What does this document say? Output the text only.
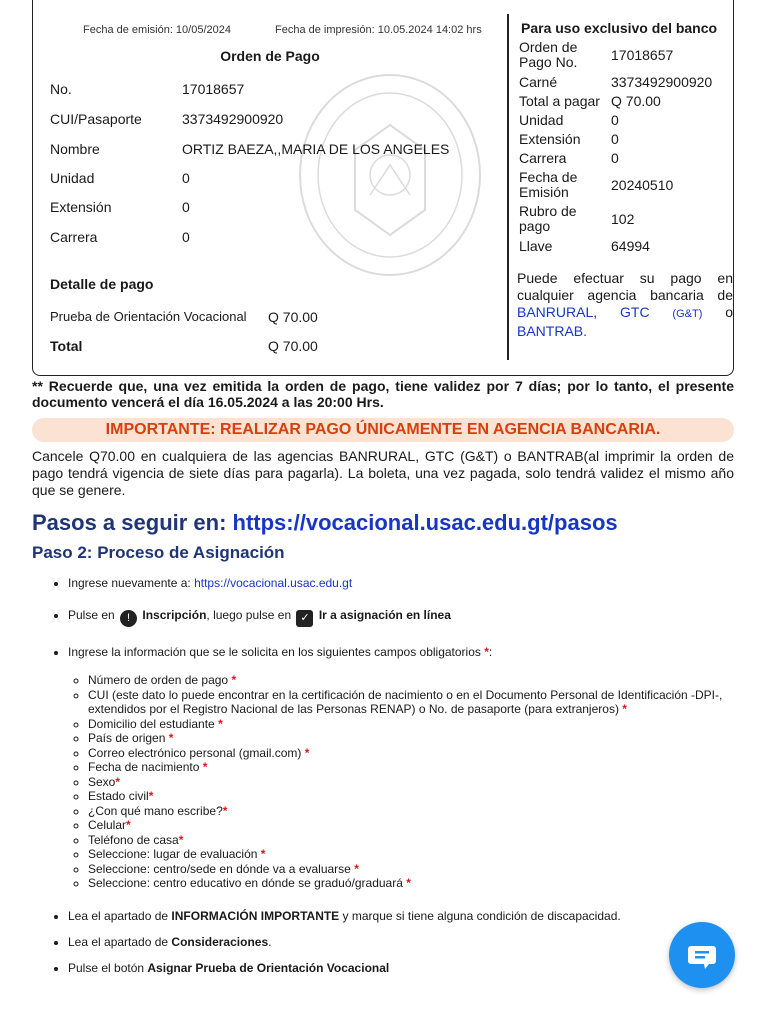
Fecha de emisión: 10/05/2024	Fecha de impresión: 10.05.2024 14:02 hrs
Orden de Pago
No.	17018657
CUI/Pasaporte	3373492900920
Nombre	ORTIZ BAEZA,,MARIA DE LOS ANGELES
Unidad	0
Extensión	0
Carrera	0
Detalle de pago
Prueba de Orientación Vocacional Q 70.00
Total	Q 70.00
Para uso exclusivo del banco
Orden de Pago No.	17018657
Carné	3373492900920
Total a pagar	Q 70.00
Unidad	0
Extensión	0
Carrera	0
Fecha de Emisión	20240510
Rubro de pago	102
Llave	64994
Puede efectuar su pago en cualquier agencia bancaria de BANRURAL, GTC (G&T) o BANTRAB.
** Recuerde que, una vez emitida la orden de pago, tiene validez por 7 días; por lo tanto, el presente documento vencerá el día 16.05.2024 a las 20:00 Hrs.
IMPORTANTE: REALIZAR PAGO ÚNICAMENTE EN AGENCIA BANCARIA.
Cancele Q70.00 en cualquiera de las agencias BANRURAL, GTC (G&T) o BANTRAB(al imprimir la orden de pago tendrá vigencia de siete días para pagarla). La boleta, una vez pagada, solo tendrá validez el mismo año que se genere.
Pasos a seguir en: https://vocacional.usac.edu.gt/pasos
Paso 2: Proceso de Asignación
• Ingrese nuevamente a: https://vocacional.usac.edu.gt
• Pulse en ! Inscripción, luego pulse en ✓ Ir a asignación en línea
• Ingrese la información que se le solicita en los siguientes campos obligatorios *:
◦ Número de orden de pago *
◦ CUI (este dato lo puede encontrar en la certificación de nacimiento o en el Documento Personal de Identificación -DPI-, extendidos por el Registro Nacional de las Personas RENAP) o No. de pasaporte (para extranjeros) *
◦ Domicilio del estudiante *
◦ País de origen *
◦ Correo electrónico personal (gmail.com) *
◦ Fecha de nacimiento *
◦ Sexo*
◦ Estado civil*
◦ ¿Con qué mano escribe?*
◦ Celular*
◦ Teléfono de casa*
◦ Seleccione: lugar de evaluación *
◦ Seleccione: centro/sede en dónde va a evaluarse *
◦ Seleccione: centro educativo en dónde se graduó/graduará *
• Lea el apartado de INFORMACIÓN IMPORTANTE y marque si tiene alguna condición de discapacidad.
• Lea el apartado de Consideraciones.
• Pulse el botón Asignar Prueba de Orientación Vocacional
